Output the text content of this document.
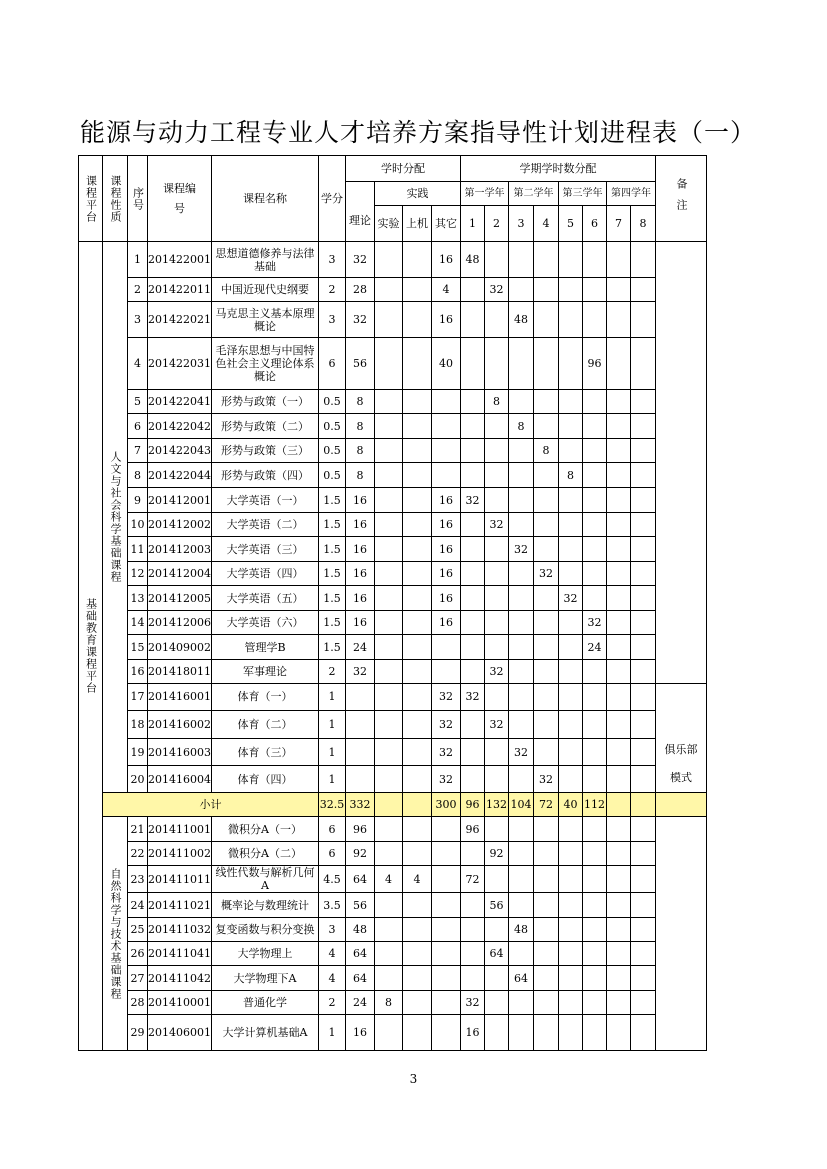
能源与动力工程专业人才培养方案指导性计划进程表（一）
课程平台	课程性质	序号	课程编号	课程名称	学分	学时分配				学期学时数分配								备注

						理论	实践			第一学年		第二学年		第三学年		第四学年		
							实验	上机	其它	1	2	3	4	5	6	7	8	

基础教育课程平台	人文与社会科学基础课程	1	201422001	思想道德修养与法律基础	3	32			16	48								
		2	201422011	中国近现代史纲要	2	28			4		32							
		3	201422021	马克思主义基本原理概论	3	32			16			48						
		4	201422031	毛泽东思想与中国特色社会主义理论体系概论	6	56			40						96			
		5	201422041	形势与政策（一）	0.5	8					8							
		6	201422042	形势与政策（二）	0.5	8						8						
		7	201422043	形势与政策（三）	0.5	8							8					
		8	201422044	形势与政策（四）	0.5	8								8				
		9	201412001	大学英语（一）	1.5	16			16	32								
		10	201412002	大学英语（二）	1.5	16			16		32							
		11	201412003	大学英语（三）	1.5	16			16			32						
		12	201412004	大学英语（四）	1.5	16			16				32					
		13	201412005	大学英语（五）	1.5	16			16					32				
		14	201412006	大学英语（六）	1.5	16			16						32			
		15	201409002	管理学B	1.5	24									24			
		16	201418011	军事理论	2	32					32							
		17	201416001	体育（一）	1				32	32								俱乐部模式

		18	201416002	体育（二）	1				32		32							
		19	201416003	体育（三）	1				32			32						
		20	201416004	体育（四）	1				32				32					
	小计				32.5	332			300	96	132	104	72	40	112			

	自然科学与技术基础课程	21	201411001	微积分A（一）	6	96				96								
		22	201411002	微积分A（二）	6	92					92							
		23	201411011	线性代数与解析几何A	4.5	64	4	4		72								
		24	201411021	概率论与数理统计	3.5	56					56							
		25	201411032	复变函数与积分变换	3	48						48						
		26	201411041	大学物理上	4	64					64							
		27	201411042	大学物理下A	4	64						64						
		28	201410001	普通化学	2	24	8			32								
		29	201406001	大学计算机基础A	1	16				16								
3
